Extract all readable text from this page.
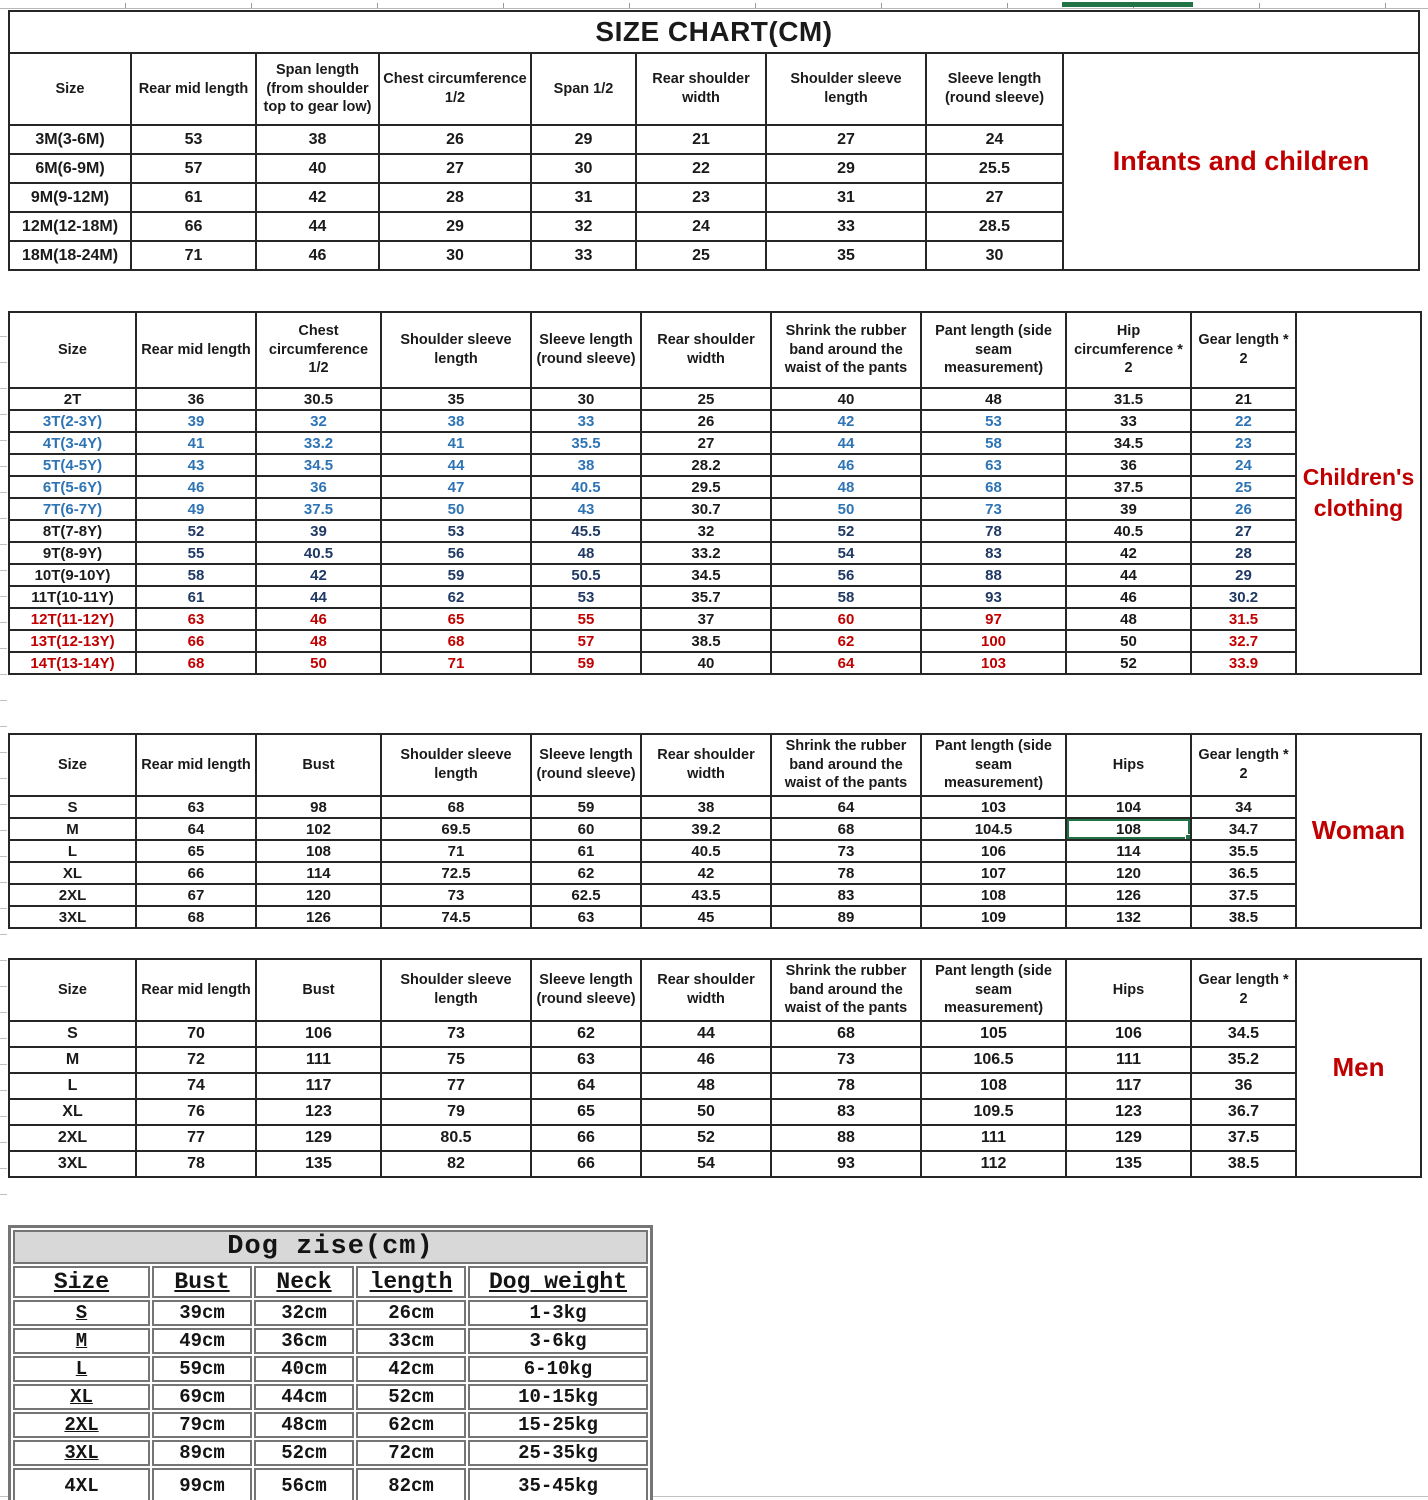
SIZE CHART(CM)
Size	Rear mid length	Span length (from shoulder top to gear low)	Chest circumference 1/2	Span 1/2	Rear shoulder width	Shoulder sleeve length	Sleeve length (round sleeve)
3M(3-6M)	53	38	26	29	21	27	24
6M(6-9M)	57	40	27	30	22	29	25.5
9M(9-12M)	61	42	28	31	23	31	27
12M(12-18M)	66	44	29	32	24	33	28.5
18M(18-24M)	71	46	30	33	25	35	30
Infants and children
Size	Rear mid length	Chest circumference 1/2	Shoulder sleeve length	Sleeve length (round sleeve)	Rear shoulder width	Shrink the rubber band around the waist of the pants	Pant length (side seam measurement)	Hip circumference * 2	Gear length * 2
2T	36	30.5	35	30	25	40	48	31.5	21
3T(2-3Y)	39	32	38	33	26	42	53	33	22
4T(3-4Y)	41	33.2	41	35.5	27	44	58	34.5	23
5T(4-5Y)	43	34.5	44	38	28.2	46	63	36	24
6T(5-6Y)	46	36	47	40.5	29.5	48	68	37.5	25
7T(6-7Y)	49	37.5	50	43	30.7	50	73	39	26
8T(7-8Y)	52	39	53	45.5	32	52	78	40.5	27
9T(8-9Y)	55	40.5	56	48	33.2	54	83	42	28
10T(9-10Y)	58	42	59	50.5	34.5	56	88	44	29
11T(10-11Y)	61	44	62	53	35.7	58	93	46	30.2
12T(11-12Y)	63	46	65	55	37	60	97	48	31.5
13T(12-13Y)	66	48	68	57	38.5	62	100	50	32.7
14T(13-14Y)	68	50	71	59	40	64	103	52	33.9
Children's clothing
Size	Rear mid length	Bust	Shoulder sleeve length	Sleeve length (round sleeve)	Rear shoulder width	Shrink the rubber band around the waist of the pants	Pant length (side seam measurement)	Hips	Gear length * 2
S	63	98	68	59	38	64	103	104	34
M	64	102	69.5	60	39.2	68	104.5	108	34.7
L	65	108	71	61	40.5	73	106	114	35.5
XL	66	114	72.5	62	42	78	107	120	36.5
2XL	67	120	73	62.5	43.5	83	108	126	37.5
3XL	68	126	74.5	63	45	89	109	132	38.5
Woman
Size	Rear mid length	Bust	Shoulder sleeve length	Sleeve length (round sleeve)	Rear shoulder width	Shrink the rubber band around the waist of the pants	Pant length (side seam measurement)	Hips	Gear length * 2
S	70	106	73	62	44	68	105	106	34.5
M	72	111	75	63	46	73	106.5	111	35.2
L	74	117	77	64	48	78	108	117	36
XL	76	123	79	65	50	83	109.5	123	36.7
2XL	77	129	80.5	66	52	88	111	129	37.5
3XL	78	135	82	66	54	93	112	135	38.5
Men
Dog zise(cm)				
Size	Bust	Neck	length	Dog weight
S	39cm	32cm	26cm	1-3kg
M	49cm	36cm	33cm	3-6kg
L	59cm	40cm	42cm	6-10kg
XL	69cm	44cm	52cm	10-15kg
2XL	79cm	48cm	62cm	15-25kg
3XL	89cm	52cm	72cm	25-35kg
4XL	99cm	56cm	82cm	35-45kg
